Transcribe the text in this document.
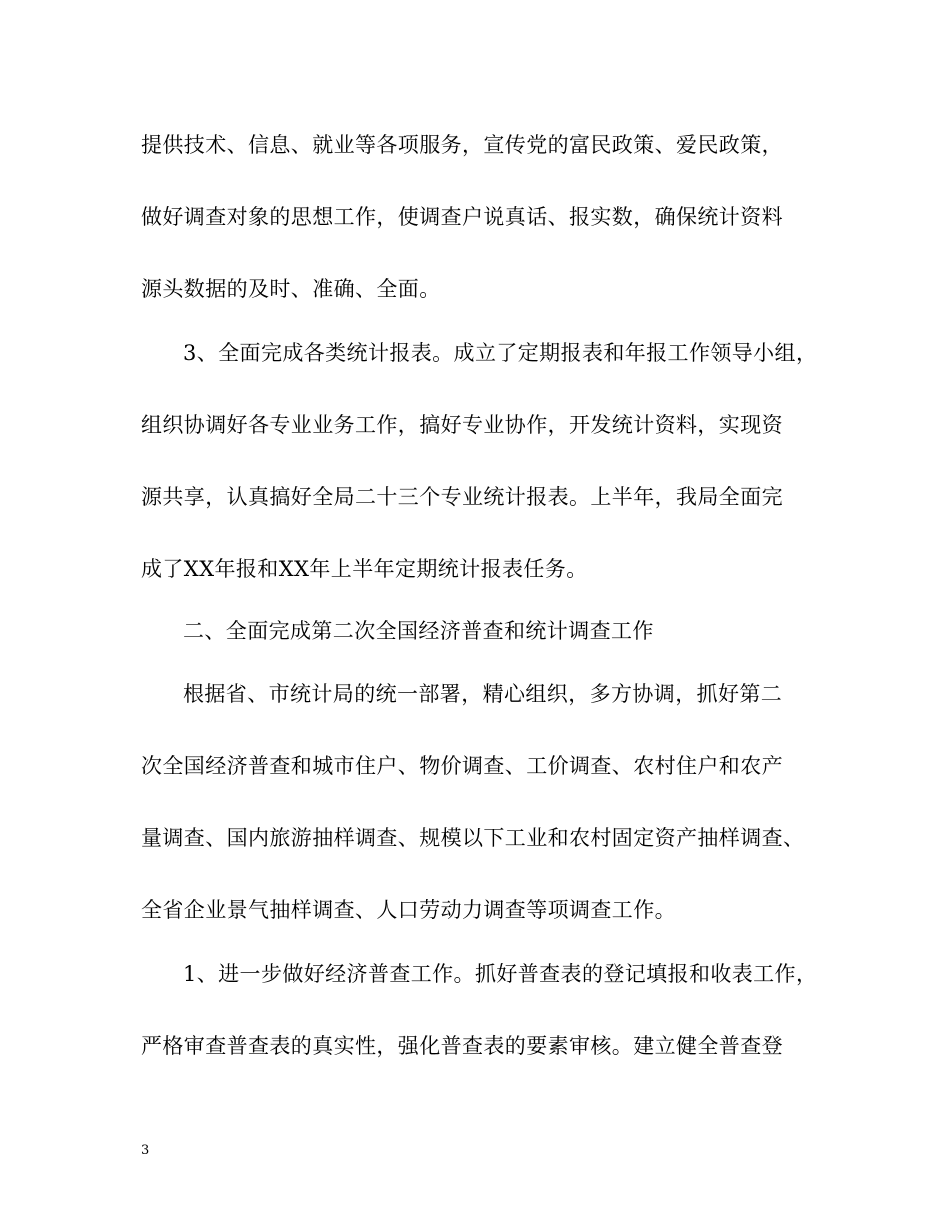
提供技术、信息、就业等各项服务，宣传党的富民政策、爱民政策，
做好调查对象的思想工作，使调查户说真话、报实数，确保统计资料
源头数据的及时、准确、全面。
3、全面完成各类统计报表。成立了定期报表和年报工作领导小组，
组织协调好各专业业务工作，搞好专业协作，开发统计资料，实现资
源共享，认真搞好全局二十三个专业统计报表。上半年，我局全面完
成了XX年报和XX年上半年定期统计报表任务。
二、全面完成第二次全国经济普查和统计调查工作
根据省、市统计局的统一部署，精心组织，多方协调，抓好第二
次全国经济普查和城市住户、物价调查、工价调查、农村住户和农产
量调查、国内旅游抽样调查、规模以下工业和农村固定资产抽样调查、
全省企业景气抽样调查、人口劳动力调查等项调查工作。
1、进一步做好经济普查工作。抓好普查表的登记填报和收表工作，
严格审查普查表的真实性，强化普查表的要素审核。建立健全普查登
3
